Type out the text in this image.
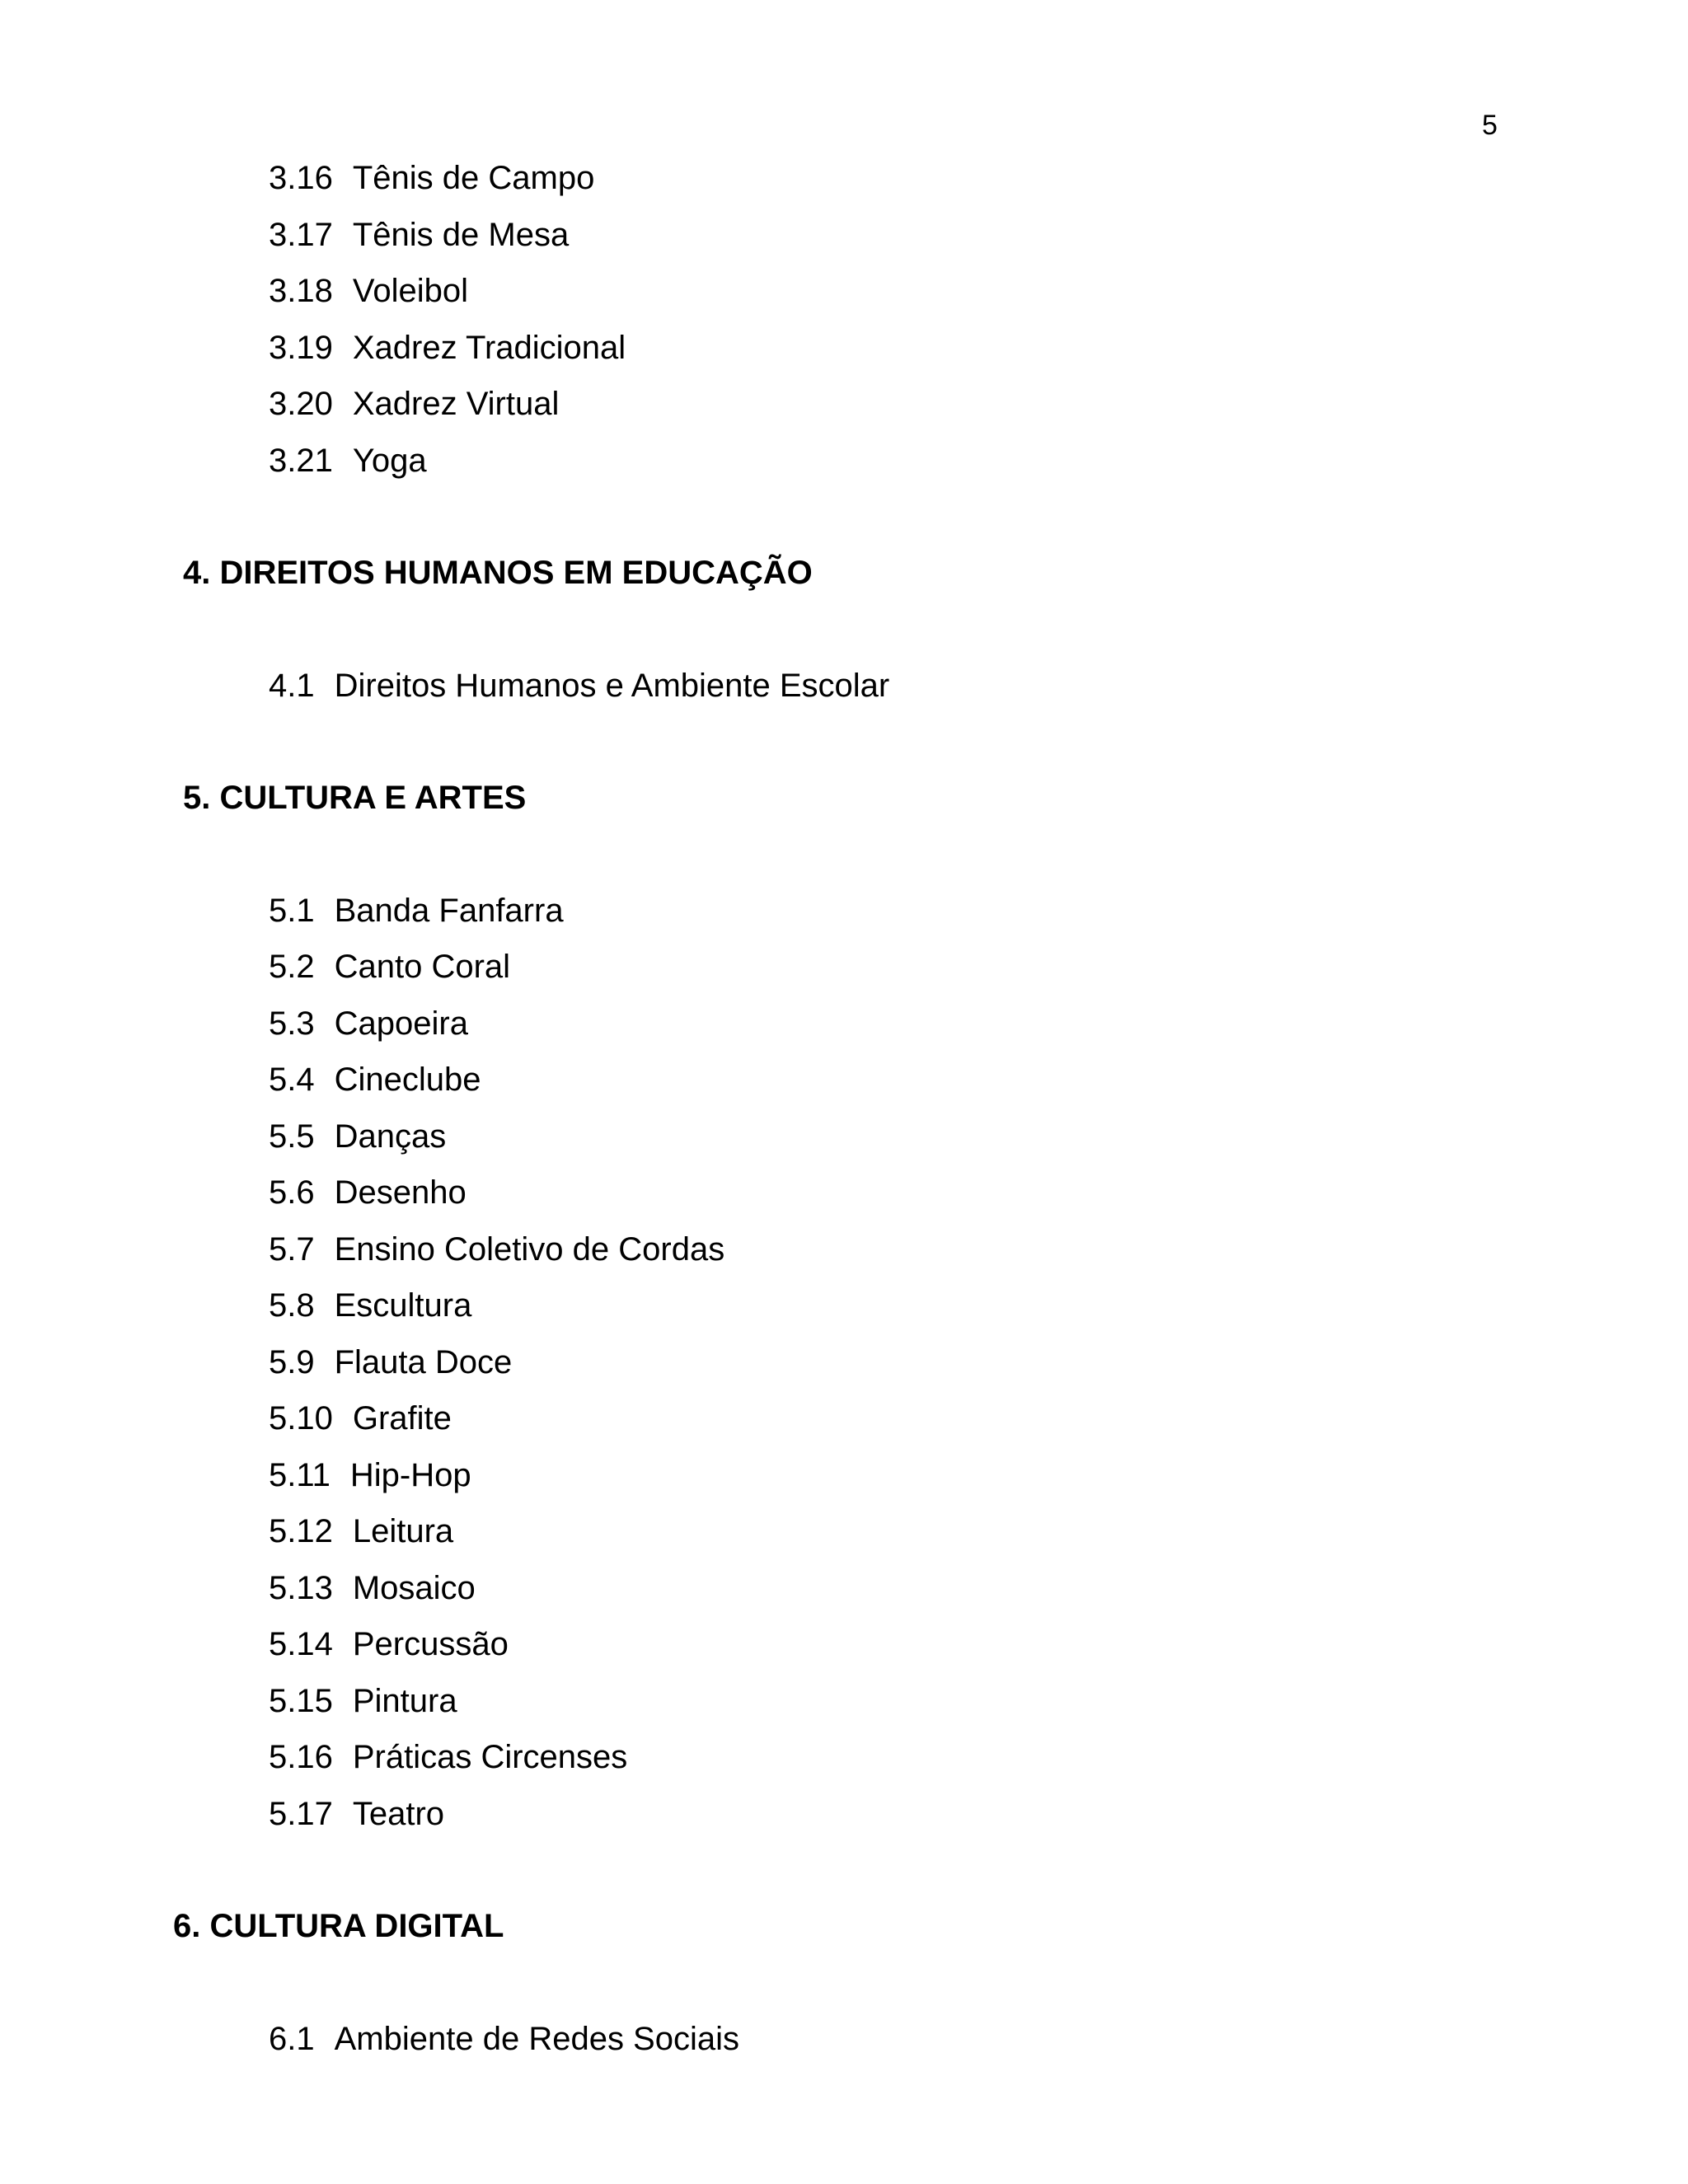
5
3.16 Tênis de Campo
3.17 Tênis de Mesa
3.18 Voleibol
3.19 Xadrez Tradicional
3.20 Xadrez Virtual
3.21 Yoga
4. DIREITOS HUMANOS EM EDUCAÇÃO
4.1 Direitos Humanos e Ambiente Escolar
5. CULTURA E ARTES
5.1 Banda Fanfarra
5.2 Canto Coral
5.3 Capoeira
5.4 Cineclube
5.5 Danças
5.6 Desenho
5.7 Ensino Coletivo de Cordas
5.8 Escultura
5.9 Flauta Doce
5.10 Grafite
5.11 Hip-Hop
5.12 Leitura
5.13 Mosaico
5.14 Percussão
5.15 Pintura
5.16 Práticas Circenses
5.17 Teatro
6. CULTURA DIGITAL
6.1 Ambiente de Redes Sociais
